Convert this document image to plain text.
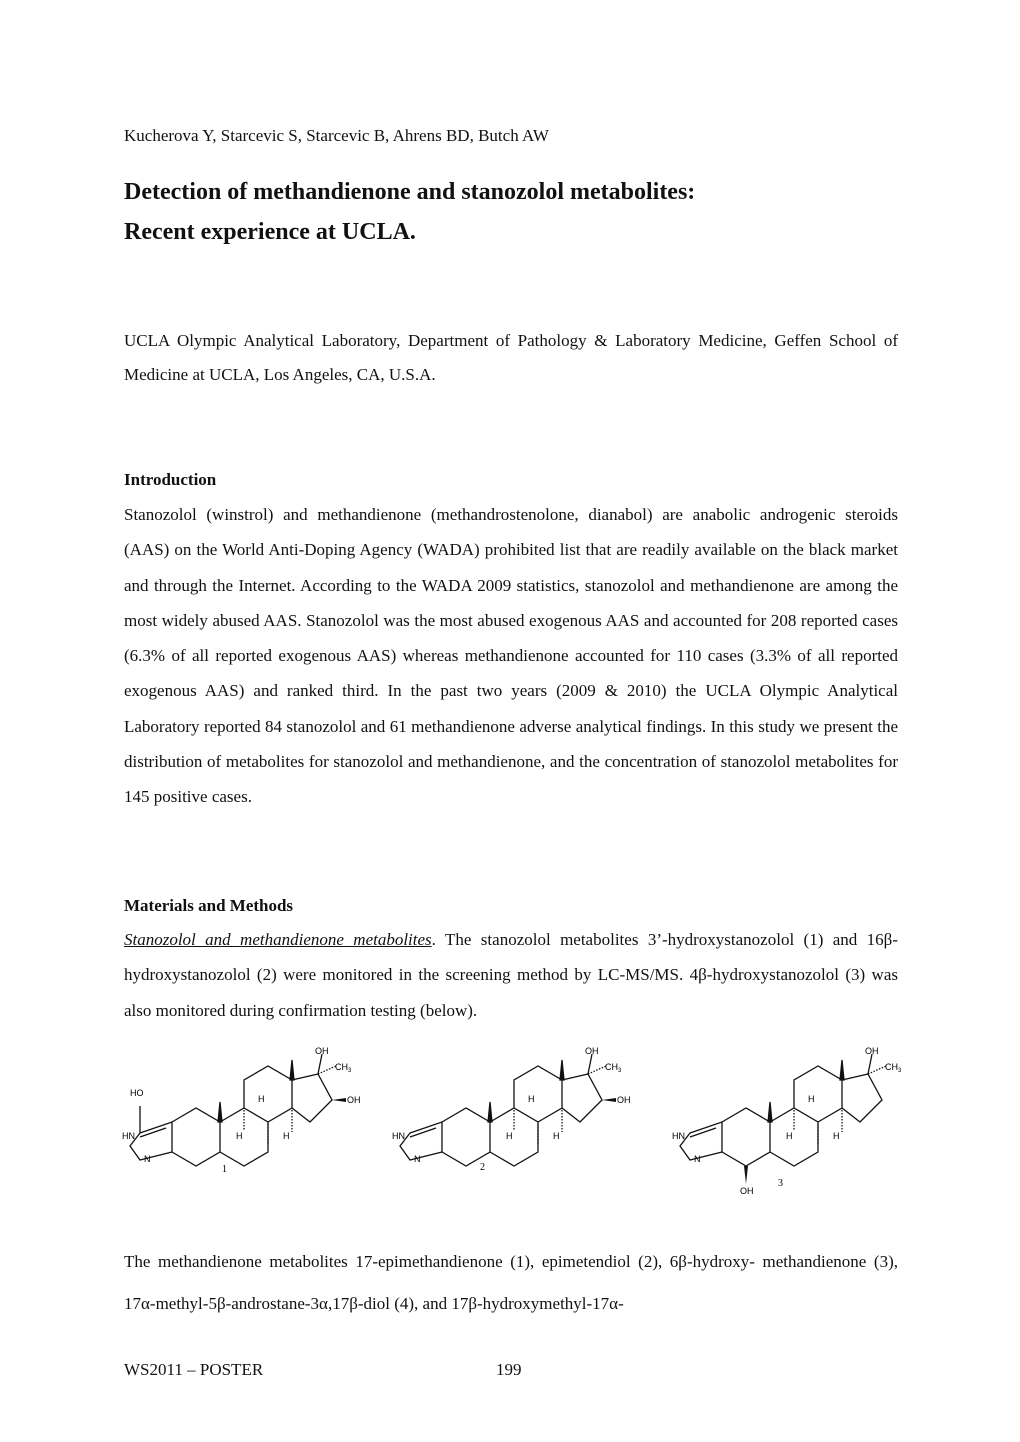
Kucherova Y, Starcevic S, Starcevic B, Ahrens BD, Butch AW
Detection of methandienone and stanozolol metabolites:
Recent experience at UCLA.
UCLA Olympic Analytical Laboratory, Department of Pathology & Laboratory Medicine, Geffen School of Medicine at UCLA, Los Angeles, CA, U.S.A.
Introduction

Stanozolol (winstrol) and methandienone (methandrostenolone, dianabol) are anabolic androgenic steroids (AAS) on the World Anti-Doping Agency (WADA) prohibited list that are readily available on the black market and through the Internet. According to the WADA 2009 statistics, stanozolol and methandienone are among the most widely abused AAS. Stanozolol was the most abused exogenous AAS and accounted for 208 reported cases (6.3% of all reported exogenous AAS) whereas methandienone accounted for 110 cases (3.3% of all reported exogenous AAS) and ranked third. In the past two years (2009 & 2010) the UCLA Olympic Analytical Laboratory reported 84 stanozolol and 61 methandienone adverse analytical findings. In this study we present the distribution of metabolites for stanozolol and methandienone, and the concentration of stanozolol metabolites for 145 positive cases.

Materials and Methods

Stanozolol and methandienone metabolites. The stanozolol metabolites 3’-hydroxystanozolol (1) and 16β-hydroxystanozolol (2) were monitored in the screening method by LC-MS/MS. 4β-hydroxystanozolol (3) was also monitored during confirmation testing (below).

HO
OH
$CH_3$
OH
H
H	H
HN
N
1
OH
$CH_3$
OH
H
H	H
HN
N
2
OH
OH
$CH_3$
H
H	H
HN
N
3

The methandienone metabolites 17-epimethandienone (1), epimetendiol (2), 6β-hydroxy- methandienone (3), 17α-methyl-5β-androstane-3α,17β-diol (4), and 17β-hydroxymethyl-17α-

WS2011 – POSTER	199
